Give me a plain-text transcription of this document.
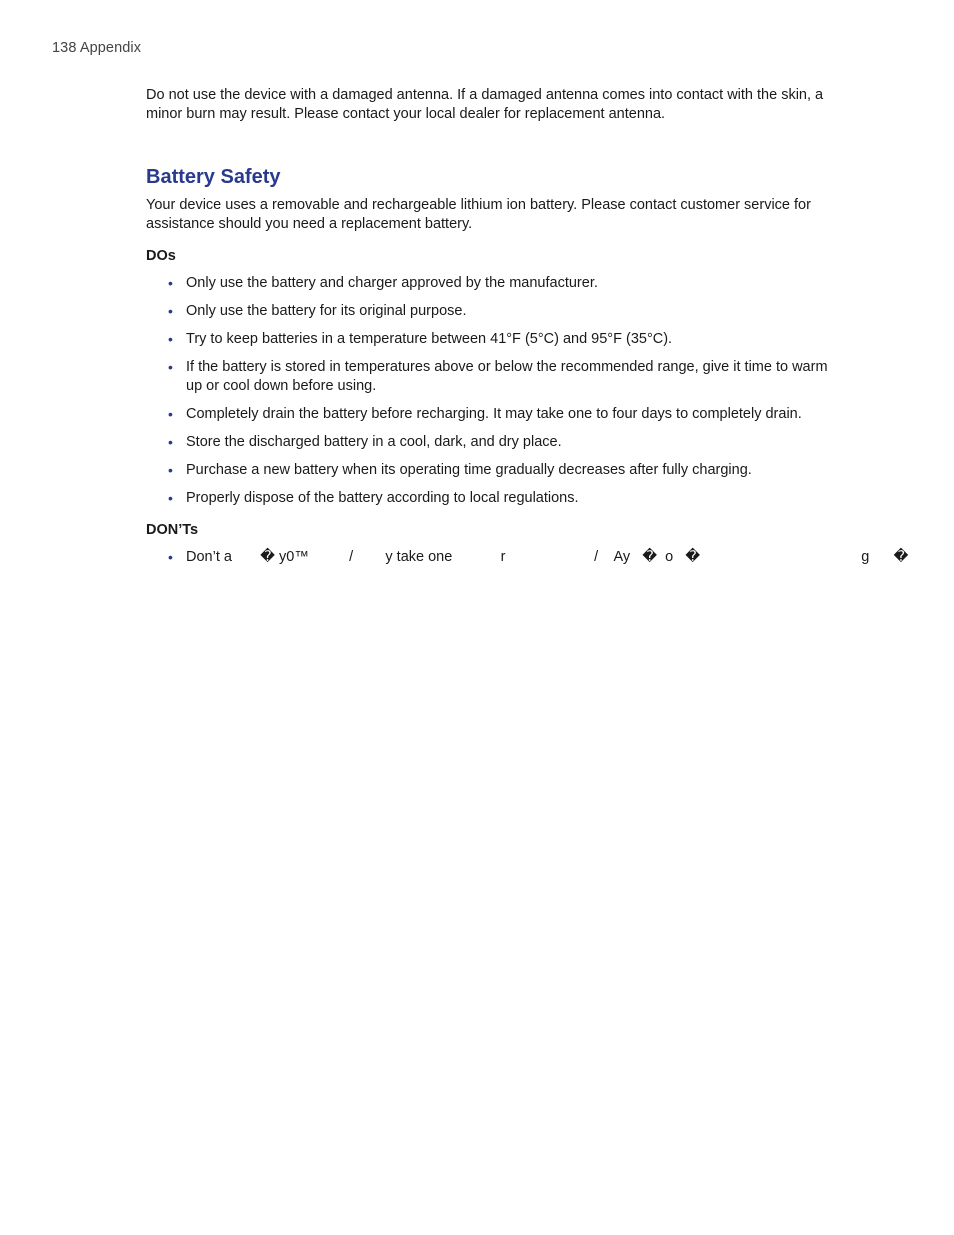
138 Appendix

Do not use the device with a damaged antenna. If a damaged antenna comes into contact with the skin, a minor burn may result. Please contact your local dealer for replacement antenna.

Battery Safety

Your device uses a removable and rechargeable lithium ion battery. Please contact customer service for assistance should you need a replacement battery.

DOs
• Only use the battery and charger approved by the manufacturer.
• Only use the battery for its original purpose.
• Try to keep batteries in a temperature between 41°F (5°C) and 95°F (35°C).
• If the battery is stored in temperatures above or below the recommended range, give it time to warm up or cool down before using.
• Completely drain the battery before recharging. It may take one to four days to completely drain.
• Store the discharged battery in a cool, dark, and dry place.
• Purchase a new battery when its operating time gradually decreases after fully charging.
• Properly dispose of the battery according to local regulations.
DON’Ts
• Don’t a       � y0™          /        y take one            r                      /    Ay   �  o   �                                        g      �
